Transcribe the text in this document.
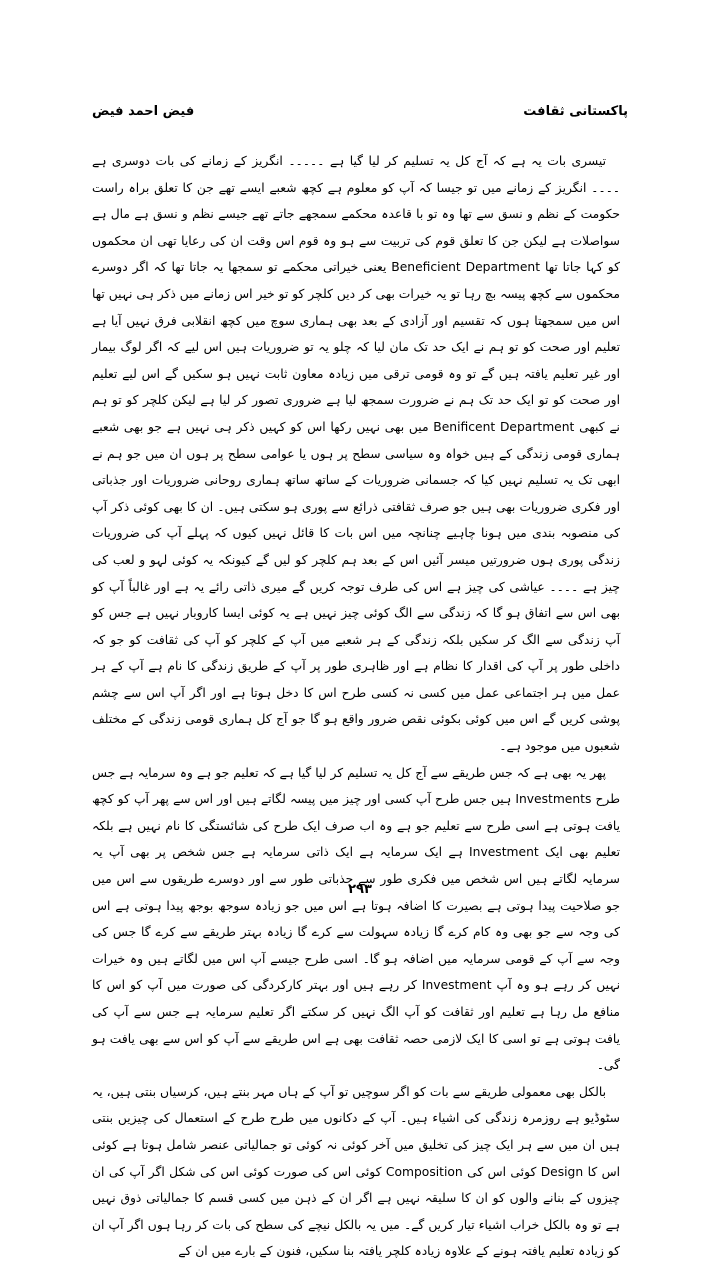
پاکستانی ثقافت
فیض احمد فیض

تیسری بات یہ ہے کہ آج کل یہ تسلیم کر لیا گیا ہے ۔۔۔۔۔ انگریز کے زمانے کی بات دوسری ہے ۔۔۔۔ انگریز کے زمانے میں تو جیسا کہ آپ کو معلوم ہے کچھ شعبے ایسے تھے جن کا تعلق براہ راست حکومت کے نظم و نسق سے تھا وہ تو با قاعدہ محکمے سمجھے جاتے تھے جیسے نظم و نسق ہے مال ہے سواصلات ہے لیکن جن کا تعلق قوم کی تربیت سے ہو وہ قوم اس وقت ان کی رعایا تھی ان محکموں کو کہا جاتا تھا Beneficient Department یعنی خیراتی محکمے تو سمجھا یہ جاتا تھا کہ اگر دوسرے محکموں سے کچھ پیسہ بچ رہا تو یہ خیرات بھی کر دیں کلچر کو تو خیر اس زمانے میں ذکر ہی نہیں تھا اس میں سمجھتا ہوں کہ تقسیم اور آزادی کے بعد بھی ہماری سوچ میں کچھ انقلابی فرق نہیں آیا ہے تعلیم اور صحت کو تو ہم نے ایک حد تک مان لیا کہ چلو یہ تو ضروریات ہیں اس لیے کہ اگر لوگ بیمار اور غیر تعلیم یافتہ ہیں گے تو وہ قومی ترقی میں زیادہ معاون ثابت نہیں ہو سکیں گے اس لیے تعلیم اور صحت کو تو ایک حد تک ہم نے ضرورت سمجھ لیا ہے ضروری تصور کر لیا ہے لیکن کلچر کو تو ہم نے کبھی Benificent Department میں بھی نہیں رکھا اس کو کہیں ذکر ہی نہیں ہے جو بھی شعبے ہماری قومی زندگی کے ہیں خواہ وہ سیاسی سطح پر ہوں یا عوامی سطح پر ہوں ان میں جو ہم نے ابھی تک یہ تسلیم نہیں کیا کہ جسمانی ضروریات کے ساتھ ساتھ ہماری روحانی ضروریات اور جذباتی اور فکری ضروریات بھی ہیں جو صرف ثقافتی ذرائع سے پوری ہو سکتی ہیں۔ ان کا بھی کوئی ذکر آپ کی منصوبہ بندی میں ہونا چاہیے چنانچہ میں اس بات کا قائل نہیں کیوں کہ پہلے آپ کی ضروریات زندگی پوری ہوں ضرورتیں میسر آئیں اس کے بعد ہم کلچر کو لیں گے کیونکہ یہ کوئی لہو و لعب کی چیز ہے ۔۔۔۔ عیاشی کی چیز ہے اس کی طرف توجہ کریں گے میری ذاتی رائے یہ ہے اور غالباً آپ کو بھی اس سے اتفاق ہو گا کہ زندگی سے الگ کوئی چیز نہیں ہے یہ کوئی ایسا کاروبار نہیں ہے جس کو آپ زندگی سے الگ کر سکیں بلکہ زندگی کے ہر شعبے میں آپ کے کلچر کو آپ کی ثقافت کو جو کہ داخلی طور پر آپ کی اقدار کا نظام ہے اور ظاہری طور پر آپ کے طریق زندگی کا نام ہے آپ کے ہر عمل میں ہر اجتماعی عمل میں کسی نہ کسی طرح اس کا دخل ہوتا ہے اور اگر آپ اس سے چشم پوشی کریں گے اس میں کوئی بکوئی نقص ضرور واقع ہو گا جو آج کل ہماری قومی زندگی کے مختلف شعبوں میں موجود ہے۔

پھر یہ بھی ہے کہ جس طریقے سے آج کل یہ تسلیم کر لیا گیا ہے کہ تعلیم جو ہے وہ سرمایہ ہے جس طرح Investments ہیں جس طرح آپ کسی اور چیز میں پیسہ لگاتے ہیں اور اس سے پھر آپ کو کچھ یافت ہوتی ہے اسی طرح سے تعلیم جو ہے وہ اب صرف ایک طرح کی شائستگی کا نام نہیں ہے بلکہ تعلیم بھی ایک Investment ہے ایک سرمایہ ہے ایک ذاتی سرمایہ ہے جس شخص پر بھی آپ یہ سرمایہ لگاتے ہیں اس شخص میں فکری طور سے جذباتی طور سے اور دوسرے طریقوں سے اس میں جو صلاحیت پیدا ہوتی ہے بصیرت کا اضافہ ہوتا ہے اس میں جو زیادہ سوجھ بوجھ پیدا ہوتی ہے اس کی وجہ سے جو بھی وہ کام کرے گا زیادہ سہولت سے کرے گا زیادہ بہتر طریقے سے کرے گا جس کی وجہ سے آپ کے قومی سرمایہ میں اضافہ ہو گا۔ اسی طرح جیسے آپ اس میں لگاتے ہیں وہ خیرات نہیں کر رہے ہو وہ آپ Investment کر رہے ہیں اور بہتر کارکردگی کی صورت میں آپ کو اس کا منافع مل رہا ہے تعلیم اور ثقافت کو آپ الگ نہیں کر سکتے اگر تعلیم سرمایہ ہے جس سے آپ کی یافت ہوتی ہے تو اسی کا ایک لازمی حصہ ثقافت بھی ہے اس طریقے سے آپ کو اس سے بھی یافت ہو گی۔

بالکل بھی معمولی طریقے سے بات کو اگر سوچیں تو آپ کے ہاں مہر بنتے ہیں، کرسیاں بنتی ہیں، یہ سٹوڈیو ہے روزمرہ زندگی کی اشیاء ہیں۔ آپ کے دکانوں میں طرح طرح کے استعمال کی چیزیں بنتی ہیں ان میں سے ہر ایک چیز کی تخلیق میں آخر کوئی نہ کوئی تو جمالیاتی عنصر شامل ہوتا ہے کوئی اس کا Design کوئی اس کی Composition کوئی اس کی صورت کوئی اس کی شکل اگر آپ کی ان چیزوں کے بنانے والوں کو ان کا سلیقہ نہیں ہے اگر ان کے ذہن میں کسی قسم کا جمالیاتی ذوق نہیں ہے تو وہ بالکل خراب اشیاء تیار کریں گے۔ میں یہ بالکل نیچے کی سطح کی بات کر رہا ہوں اگر آپ ان کو زیادہ تعلیم یافتہ ہونے کے علاوہ زیادہ کلچر یافتہ بنا سکیں، فنون کے بارے میں ان کے

۲۹۳
